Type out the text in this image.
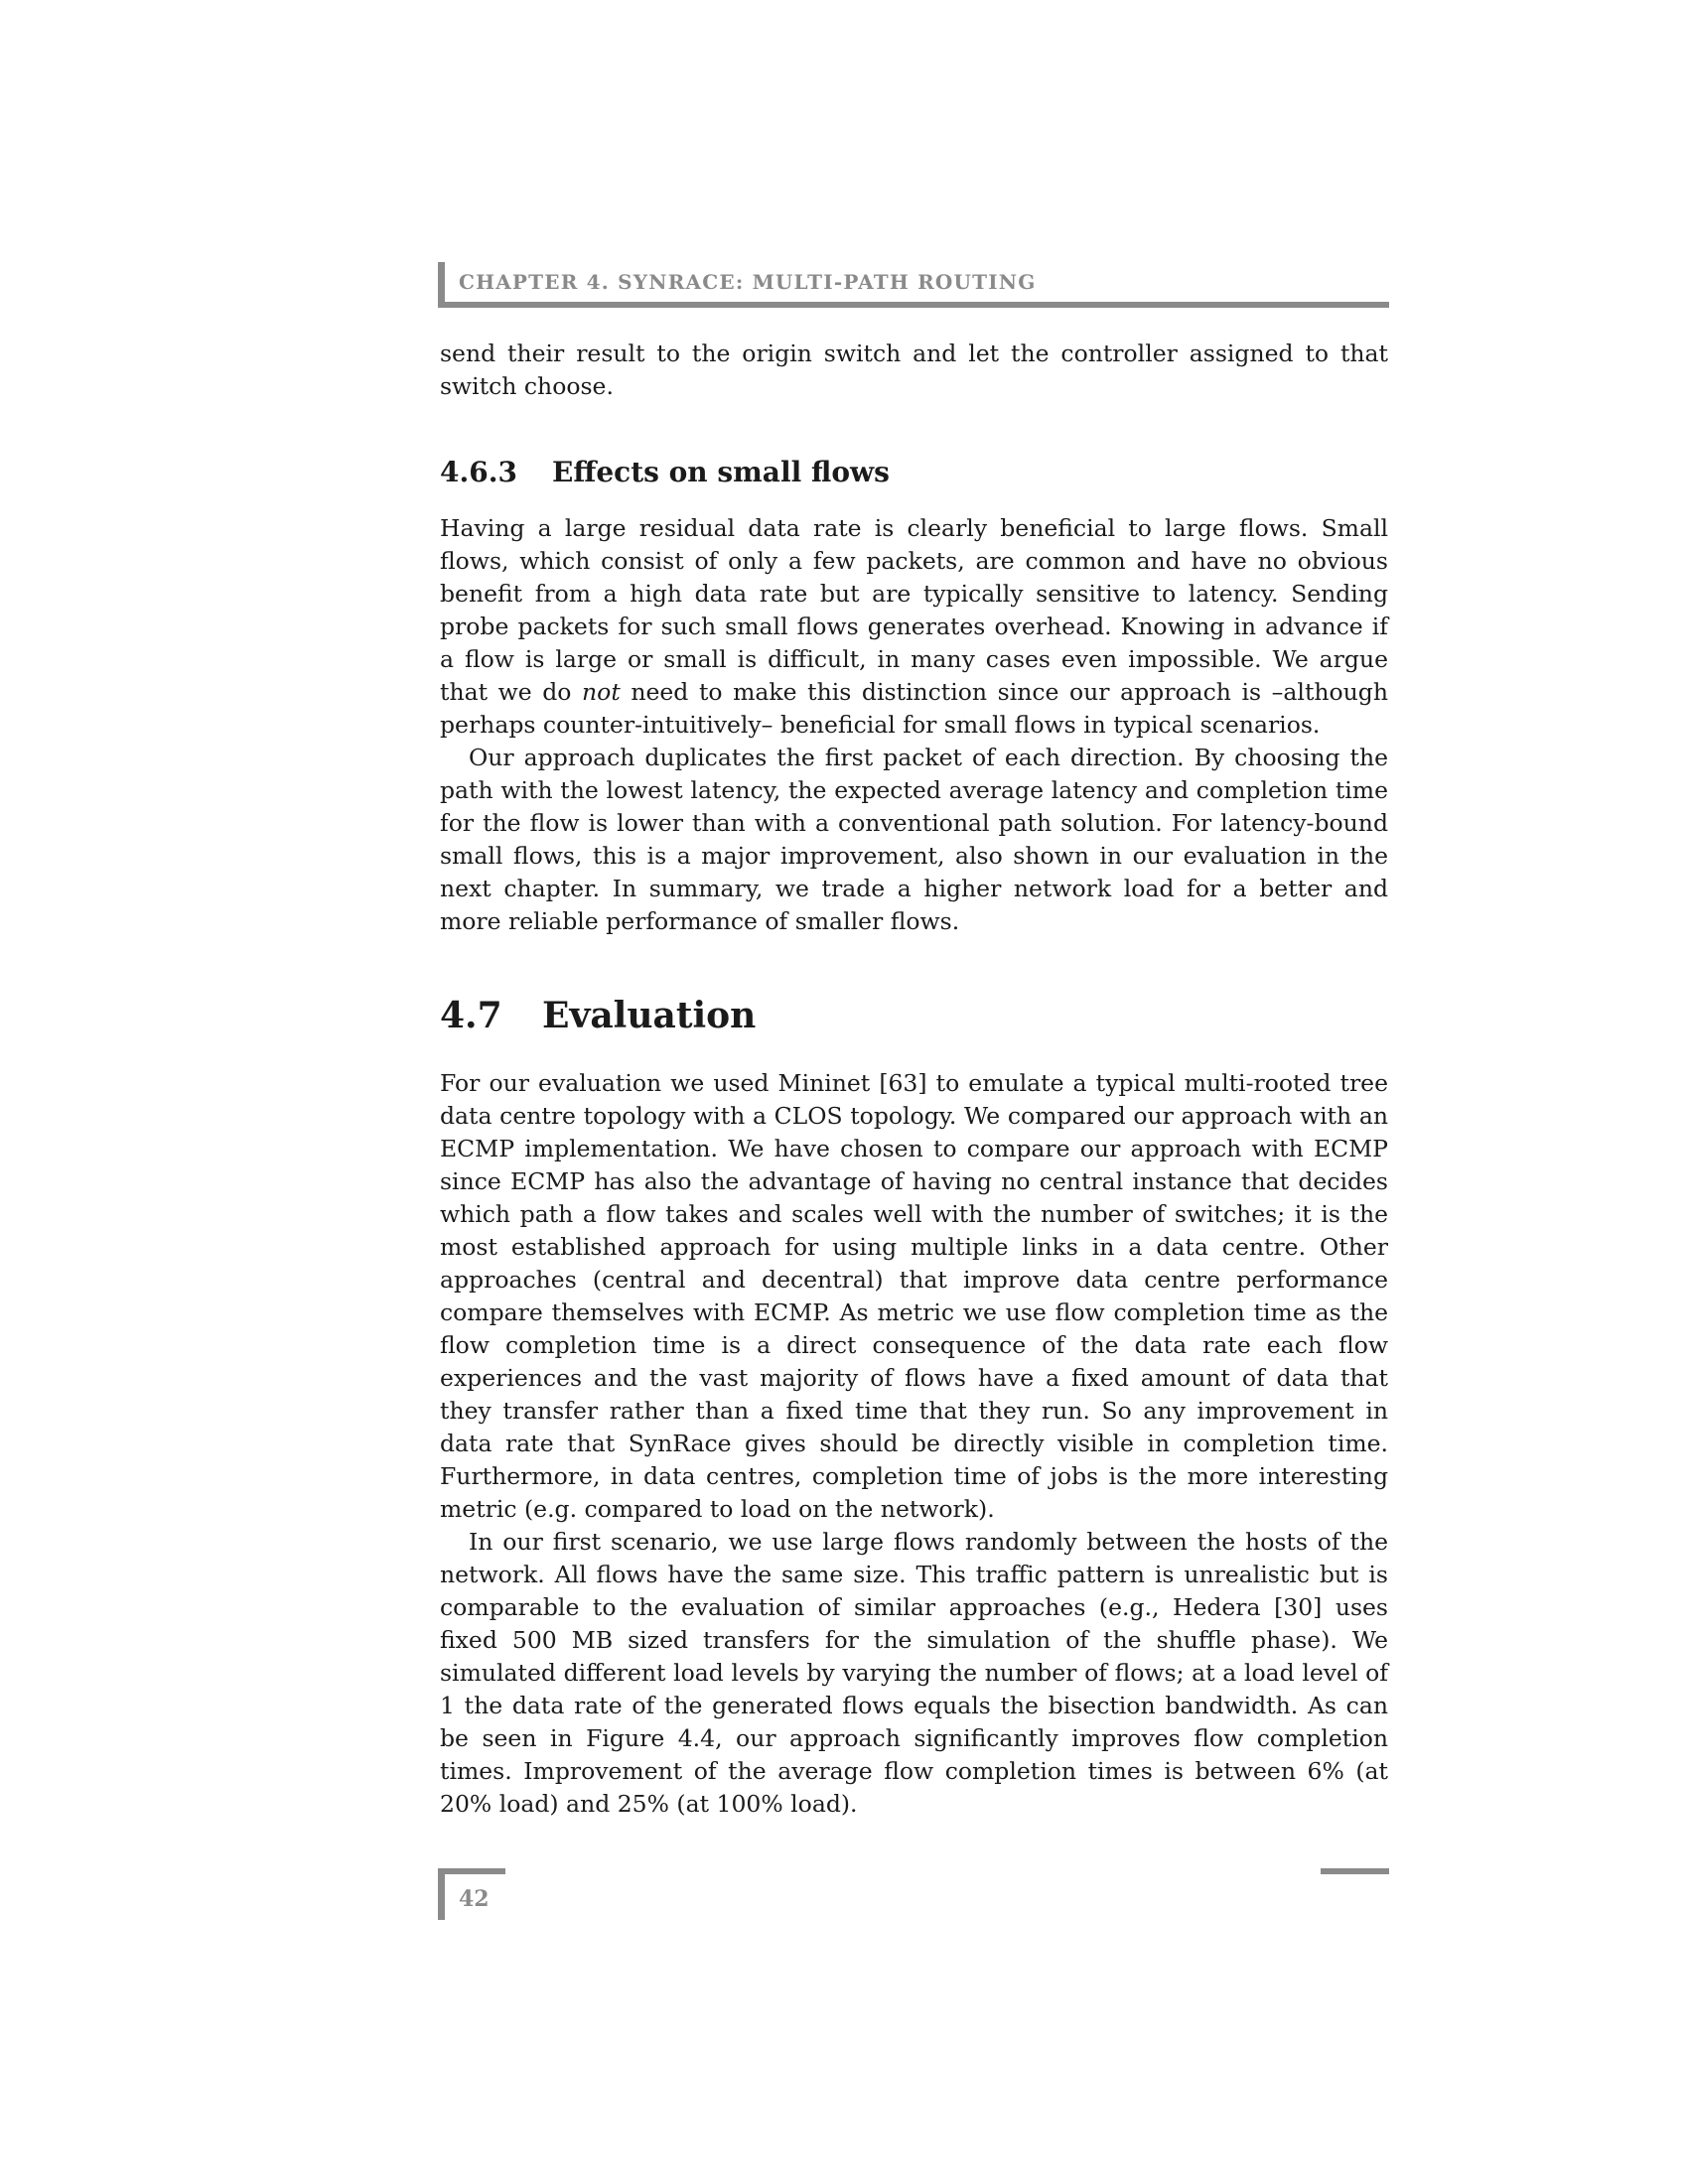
CHAPTER 4. SYNRACE: MULTI-PATH ROUTING

send their result to the origin switch and let the controller assigned to that switch choose.

4.6.3 Effects on small flows

Having a large residual data rate is clearly beneficial to large flows. Small flows, which consist of only a few packets, are common and have no obvious benefit from a high data rate but are typically sensitive to latency. Sending probe packets for such small flows generates overhead. Knowing in advance if a flow is large or small is difficult, in many cases even impossible. We argue that we do not need to make this distinction since our approach is –although perhaps counter-intuitively– beneficial for small flows in typical scenarios.

Our approach duplicates the first packet of each direction. By choosing the path with the lowest latency, the expected average latency and completion time for the flow is lower than with a conventional path solution. For latency-bound small flows, this is a major improvement, also shown in our evaluation in the next chapter. In summary, we trade a higher network load for a better and more reliable performance of smaller flows.

4.7 Evaluation

For our evaluation we used Mininet [63] to emulate a typical multi-rooted tree data centre topology with a CLOS topology. We compared our approach with an ECMP implementation. We have chosen to compare our approach with ECMP since ECMP has also the advantage of having no central instance that decides which path a flow takes and scales well with the number of switches; it is the most established approach for using multiple links in a data centre. Other approaches (central and decentral) that improve data centre performance compare themselves with ECMP. As metric we use flow completion time as the flow completion time is a direct consequence of the data rate each flow experiences and the vast majority of flows have a fixed amount of data that they transfer rather than a fixed time that they run. So any improvement in data rate that SynRace gives should be directly visible in completion time. Furthermore, in data centres, completion time of jobs is the more interesting metric (e.g. compared to load on the network).

In our first scenario, we use large flows randomly between the hosts of the network. All flows have the same size. This traffic pattern is unrealistic but is comparable to the evaluation of similar approaches (e.g., Hedera [30] uses fixed 500 MB sized transfers for the simulation of the shuffle phase). We simulated different load levels by varying the number of flows; at a load level of 1 the data rate of the generated flows equals the bisection bandwidth. As can be seen in Figure 4.4, our approach significantly improves flow completion times. Improvement of the average flow completion times is between 6% (at 20% load) and 25% (at 100% load).

42
